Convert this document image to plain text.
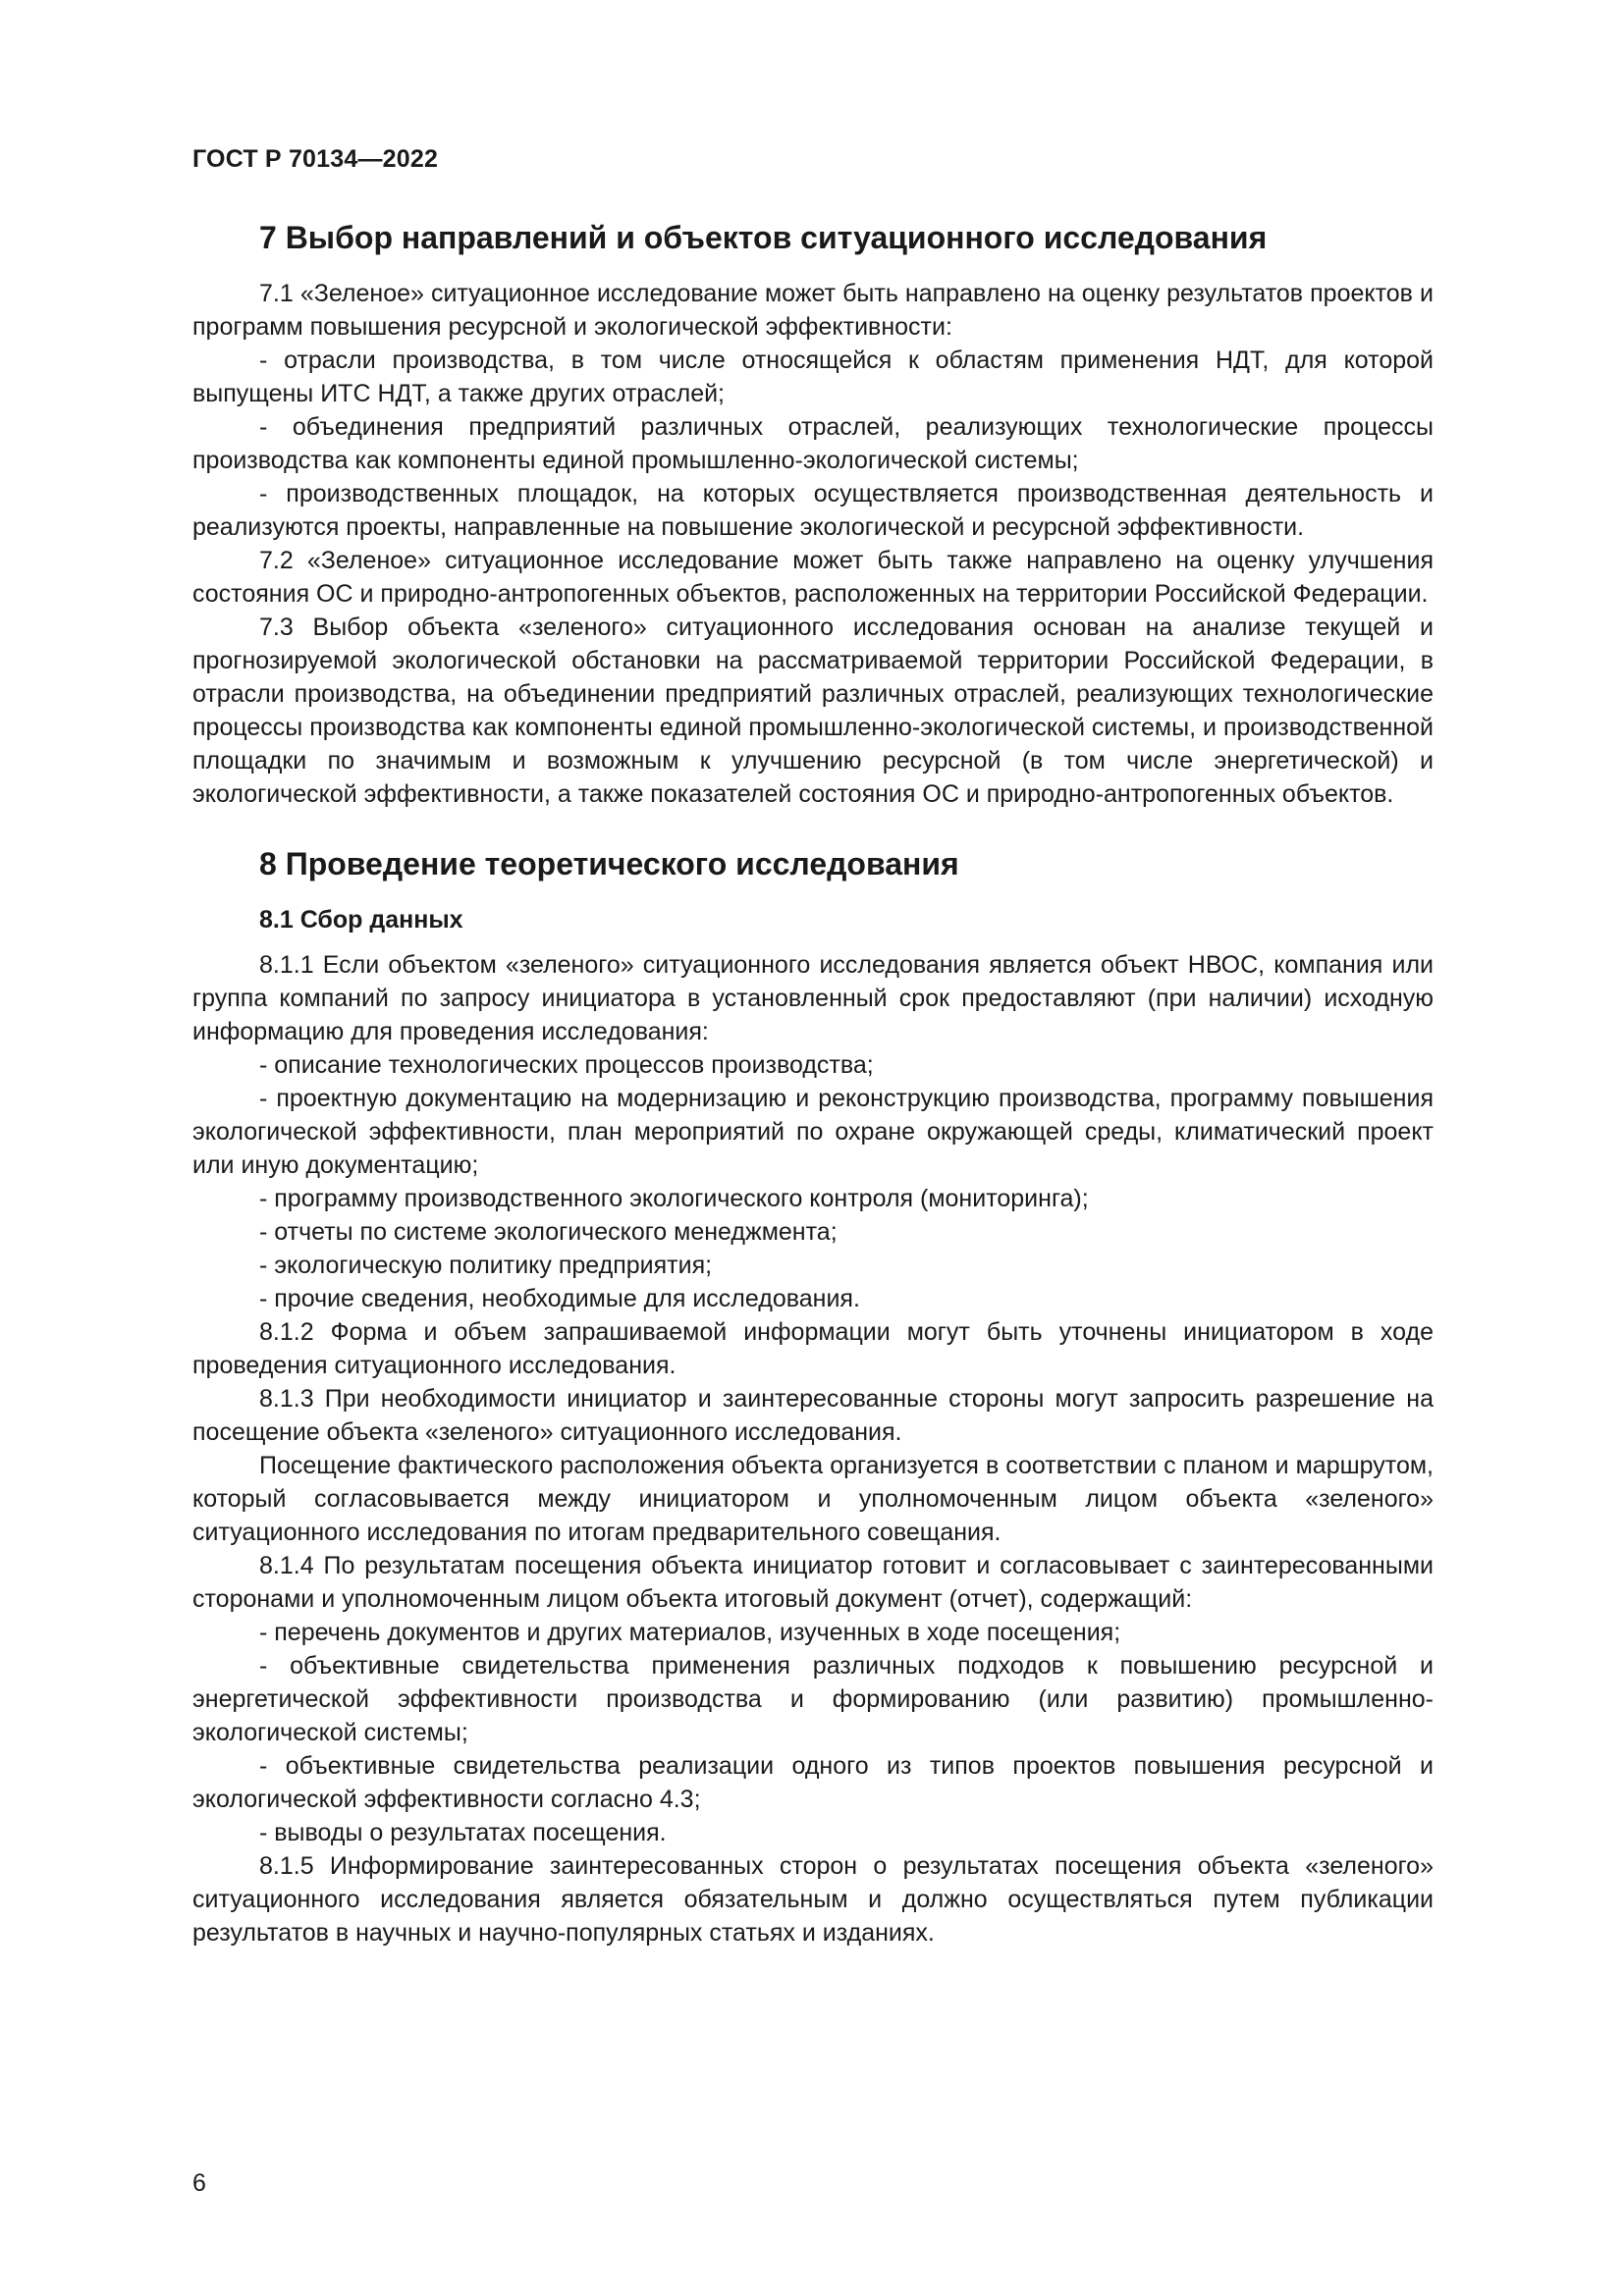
ГОСТ Р 70134—2022
7 Выбор направлений и объектов ситуационного исследования

7.1 «Зеленое» ситуационное исследование может быть направлено на оценку результатов проектов и программ повышения ресурсной и экологической эффективности:

- отрасли производства, в том числе относящейся к областям применения НДТ, для которой выпущены ИТС НДТ, а также других отраслей;

- объединения предприятий различных отраслей, реализующих технологические процессы производства как компоненты единой промышленно-экологической системы;

- производственных площадок, на которых осуществляется производственная деятельность и реализуются проекты, направленные на повышение экологической и ресурсной эффективности.

7.2 «Зеленое» ситуационное исследование может быть также направлено на оценку улучшения состояния ОС и природно-антропогенных объектов, расположенных на территории Российской Федерации.

7.3 Выбор объекта «зеленого» ситуационного исследования основан на анализе текущей и прогнозируемой экологической обстановки на рассматриваемой территории Российской Федерации, в отрасли производства, на объединении предприятий различных отраслей, реализующих технологические процессы производства как компоненты единой промышленно-экологической системы, и производственной площадки по значимым и возможным к улучшению ресурсной (в том числе энергетической) и экологической эффективности, а также показателей состояния ОС и природно-антропогенных объектов.

8 Проведение теоретического исследования
8.1 Сбор данных

8.1.1 Если объектом «зеленого» ситуационного исследования является объект НВОС, компания или группа компаний по запросу инициатора в установленный срок предоставляют (при наличии) исходную информацию для проведения исследования:

- описание технологических процессов производства;

- проектную документацию на модернизацию и реконструкцию производства, программу повышения экологической эффективности, план мероприятий по охране окружающей среды, климатический проект или иную документацию;

- программу производственного экологического контроля (мониторинга);

- отчеты по системе экологического менеджмента;

- экологическую политику предприятия;

- прочие сведения, необходимые для исследования.

8.1.2 Форма и объем запрашиваемой информации могут быть уточнены инициатором в ходе проведения ситуационного исследования.

8.1.3 При необходимости инициатор и заинтересованные стороны могут запросить разрешение на посещение объекта «зеленого» ситуационного исследования.

Посещение фактического расположения объекта организуется в соответствии с планом и маршрутом, который согласовывается между инициатором и уполномоченным лицом объекта «зеленого» ситуационного исследования по итогам предварительного совещания.

8.1.4 По результатам посещения объекта инициатор готовит и согласовывает с заинтересованными сторонами и уполномоченным лицом объекта итоговый документ (отчет), содержащий:

- перечень документов и других материалов, изученных в ходе посещения;

- объективные свидетельства применения различных подходов к повышению ресурсной и энергетической эффективности производства и формированию (или развитию) промышленно-экологической системы;

- объективные свидетельства реализации одного из типов проектов повышения ресурсной и экологической эффективности согласно 4.3;

- выводы о результатах посещения.

8.1.5 Информирование заинтересованных сторон о результатах посещения объекта «зеленого» ситуационного исследования является обязательным и должно осуществляться путем публикации результатов в научных и научно-популярных статьях и изданиях.

6
